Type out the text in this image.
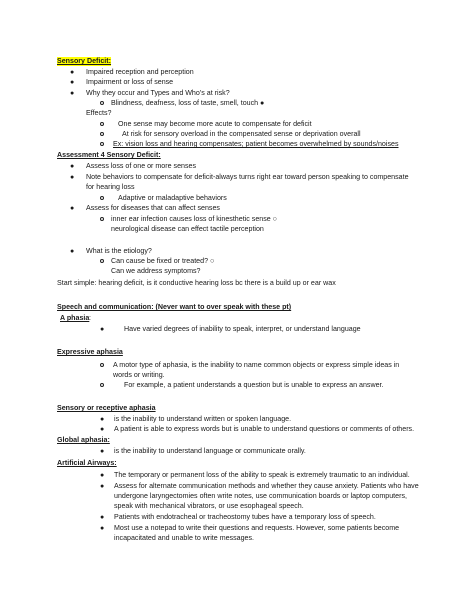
Sensory Deficit:
● Impaired reception and perception
● Impairment or loss of sense
● Why they occur and Types and Who’s at risk?
Blindness, deafness, loss of taste, smell, touch ●
Effects?
One sense may become more acute to compensate for deficit
At risk for sensory overload in the compensated sense or deprivation overall
Ex: vision loss and hearing compensates; patient becomes overwhelmed by sounds/noises
Assessment 4 Sensory Deficit:
● Assess loss of one or more senses
● Note behaviors to compensate for deficit-always turns right ear toward person speaking to compensate
for hearing loss
Adaptive or maladaptive behaviors
● Assess for diseases that can affect senses
inner ear infection causes loss of kinesthetic sense ○
neurological disease can effect tactile perception
● What is the etiology?
Can cause be fixed or treated? ○
Can we address symptoms?
Start simple: hearing deficit, is it conductive hearing loss bc there is a build up or ear wax
Speech and communication: (Never want to over speak with these pt)
A phasia :
●	Have varied degrees of inability to speak, interpret, or understand language
Expressive aphasia
A motor type of aphasia, is the inability to name common objects or express simple ideas in
words or writing.
For example, a patient understands a question but is unable to express an answer.
Sensory or receptive aphasia
● is the inability to understand written or spoken language.
● A patient is able to express words but is unable to understand questions or comments of others.
Global aphasia:
● is the inability to understand language or communicate orally.
Artificial Airways:
● The temporary or permanent loss of the ability to speak is extremely traumatic to an individual.
● Assess for alternate communication methods and whether they cause anxiety. Patients who have
undergone laryngectomies often write notes, use communication boards or laptop computers,
speak with mechanical vibrators, or use esophageal speech.
● Patients with endotracheal or tracheostomy tubes have a temporary loss of speech.
● Most use a notepad to write their questions and requests. However, some patients become
incapacitated and unable to write messages.
